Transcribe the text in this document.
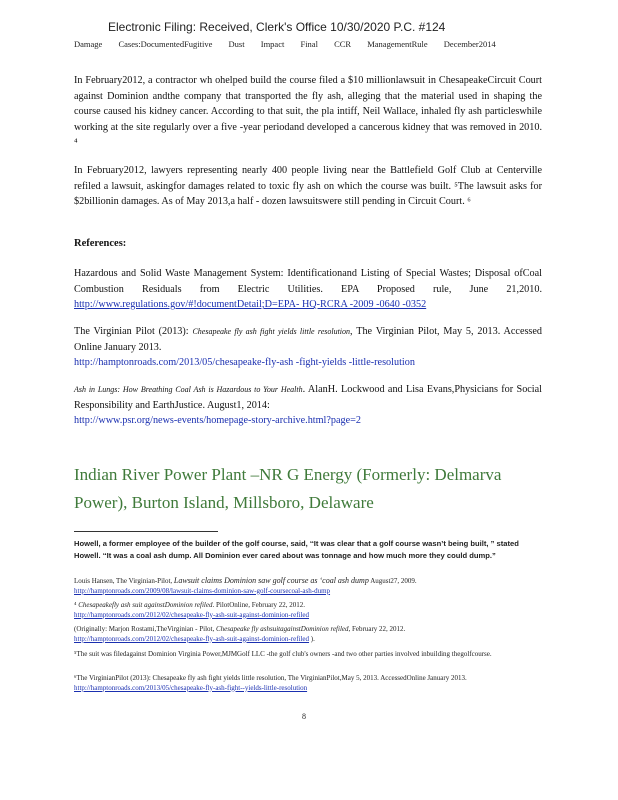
Electronic Filing: Received, Clerk's Office 10/30/2020 P.C. #124
Damage Cases:DocumentedFugitive Dust Impact Final CCR ManagementRule December2014
In February2012, a contractor wh ohelped build the course filed a $10 millionlawsuit in ChesapeakeCircuit Court against Dominion andthe company that transported the fly ash, alleging that the material used in shaping the course caused his kidney cancer. According to that suit, the pla intiff, Neil Wallace, inhaled fly ash particleswhile working at the site regularly over a five -year periodand developed a cancerous kidney that was removed in 2010. ⁴
In February2012, lawyers representing nearly 400 people living near the Battlefield Golf Club at Centerville refiled a lawsuit, askingfor damages related to toxic fly ash on which the course was built. ⁵The lawsuit asks for $2billionin damages. As of May 2013,a half - dozen lawsuitswere still pending in Circuit Court. ⁶
References:
Hazardous and Solid Waste Management System: Identificationand Listing of Special Wastes; Disposal ofCoal Combustion Residuals from Electric Utilities. EPA Proposed rule, June 21,2010. http://www.regulations.gov/#!documentDetail;D=EPA- HQ-RCRA -2009 -0640 -0352
The Virginian Pilot (2013): Chesapeake fly ash fight yields little resolution, The Virginian Pilot, May 5, 2013. Accessed Online January 2013.
http://hamptonroads.com/2013/05/chesapeake-fly-ash -fight-yields -little-resolution
Ash in Lungs: How Breathing Coal Ash is Hazardous to Your Health. AlanH. Lockwood and Lisa Evans,Physicians for Social Responsibility and EarthJustice. August1, 2014:
http://www.psr.org/news-events/homepage-story-archive.html?page=2
Indian River Power Plant –NR G Energy (Formerly: Delmarva Power), Burton Island, Millsboro, Delaware
Howell, a former employee of the builder of the golf course, said, ‘‘It was clear that a golf course wasn’t being built, ” stated Howell. ‘‘It was a coal ash dump. All Dominion ever cared about was tonnage and how much more they could dump.”
Louis Hansen, The Virginian-Pilot, Lawsuit claims Dominion saw golf course as ‘coal ash dump August27, 2009.
http://hamptonroads.com/2009/08/lawsuit-claims-dominion-saw-golf-coursecoal-ash-dump
⁴ Chesapeakefly ash suit againstDominion refiled. PilotOnline, February 22, 2012.
http://hamptonroads.com/2012/02/chesapeake-fly-ash-suit-against-dominion-refiled
(Originally: Marjon Rostami,TheVirginian - Pilot, Chesapeake fly ashsuitagainstDominion refiled, February 22, 2012.
http://hamptonroads.com/2012/02/chesapeake-fly-ash-suit-against-dominion-refiled ).
⁵The suit was filedagainst Dominion Virginia Power,MJMGolf LLC -the golf club's owners -and two other parties involved inbuilding thegolfcourse.
⁶The VirginianPilot (2013): Chesapeake fly ash fight yields little resolution, The VirginianPilot,May 5, 2013. AccessedOnline January 2013.
http://hamptonroads.com/2013/05/chesapeake-fly-ash-fight--yields-little-resolution
8
